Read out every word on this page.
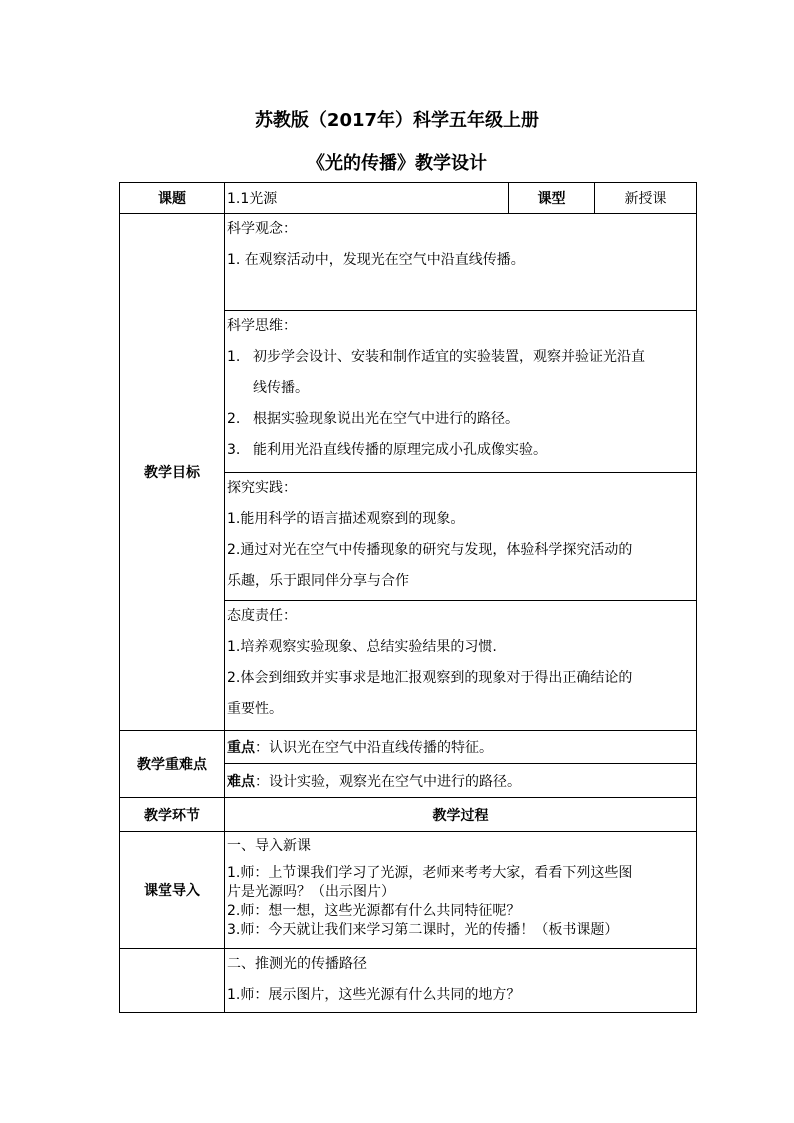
苏教版（2017年）科学五年级上册
《光的传播》教学设计
课题	1.1光源	课型	新授课
教学目标	科学观念：
1. 在观察活动中，发现光在空气中沿直线传播。		

	科学思维：
1. 初步学会设计、安装和制作适宜的实验装置，观察并验证光沿直
线传播。
2. 根据实验现象说出光在空气中进行的路径。
3. 能利用光沿直线传播的原理完成小孔成像实验。		

	探究实践：
1.能用科学的语言描述观察到的现象。
2.通过对光在空气中传播现象的研究与发现，体验科学探究活动的
乐趣，乐于跟同伴分享与合作		

	态度责任：
1.培养观察实验现象、总结实验结果的习惯.
2.体会到细致并实事求是地汇报观察到的现象对于得出正确结论的
重要性。		

教学重难点	重点：认识光在空气中沿直线传播的特征。		
	难点：设计实验，观察光在空气中进行的路径。		
教学环节	教学过程		
课堂导入	一、导入新课
1.师：上节课我们学习了光源，老师来考考大家，看看下列这些图
片是光源吗？（出示图片）
2.师：想一想，这些光源都有什么共同特征呢？
3.师：今天就让我们来学习第二课时，光的传播！（板书课题）		

	二、推测光的传播路径
1.师：展示图片，这些光源有什么共同的地方？		
